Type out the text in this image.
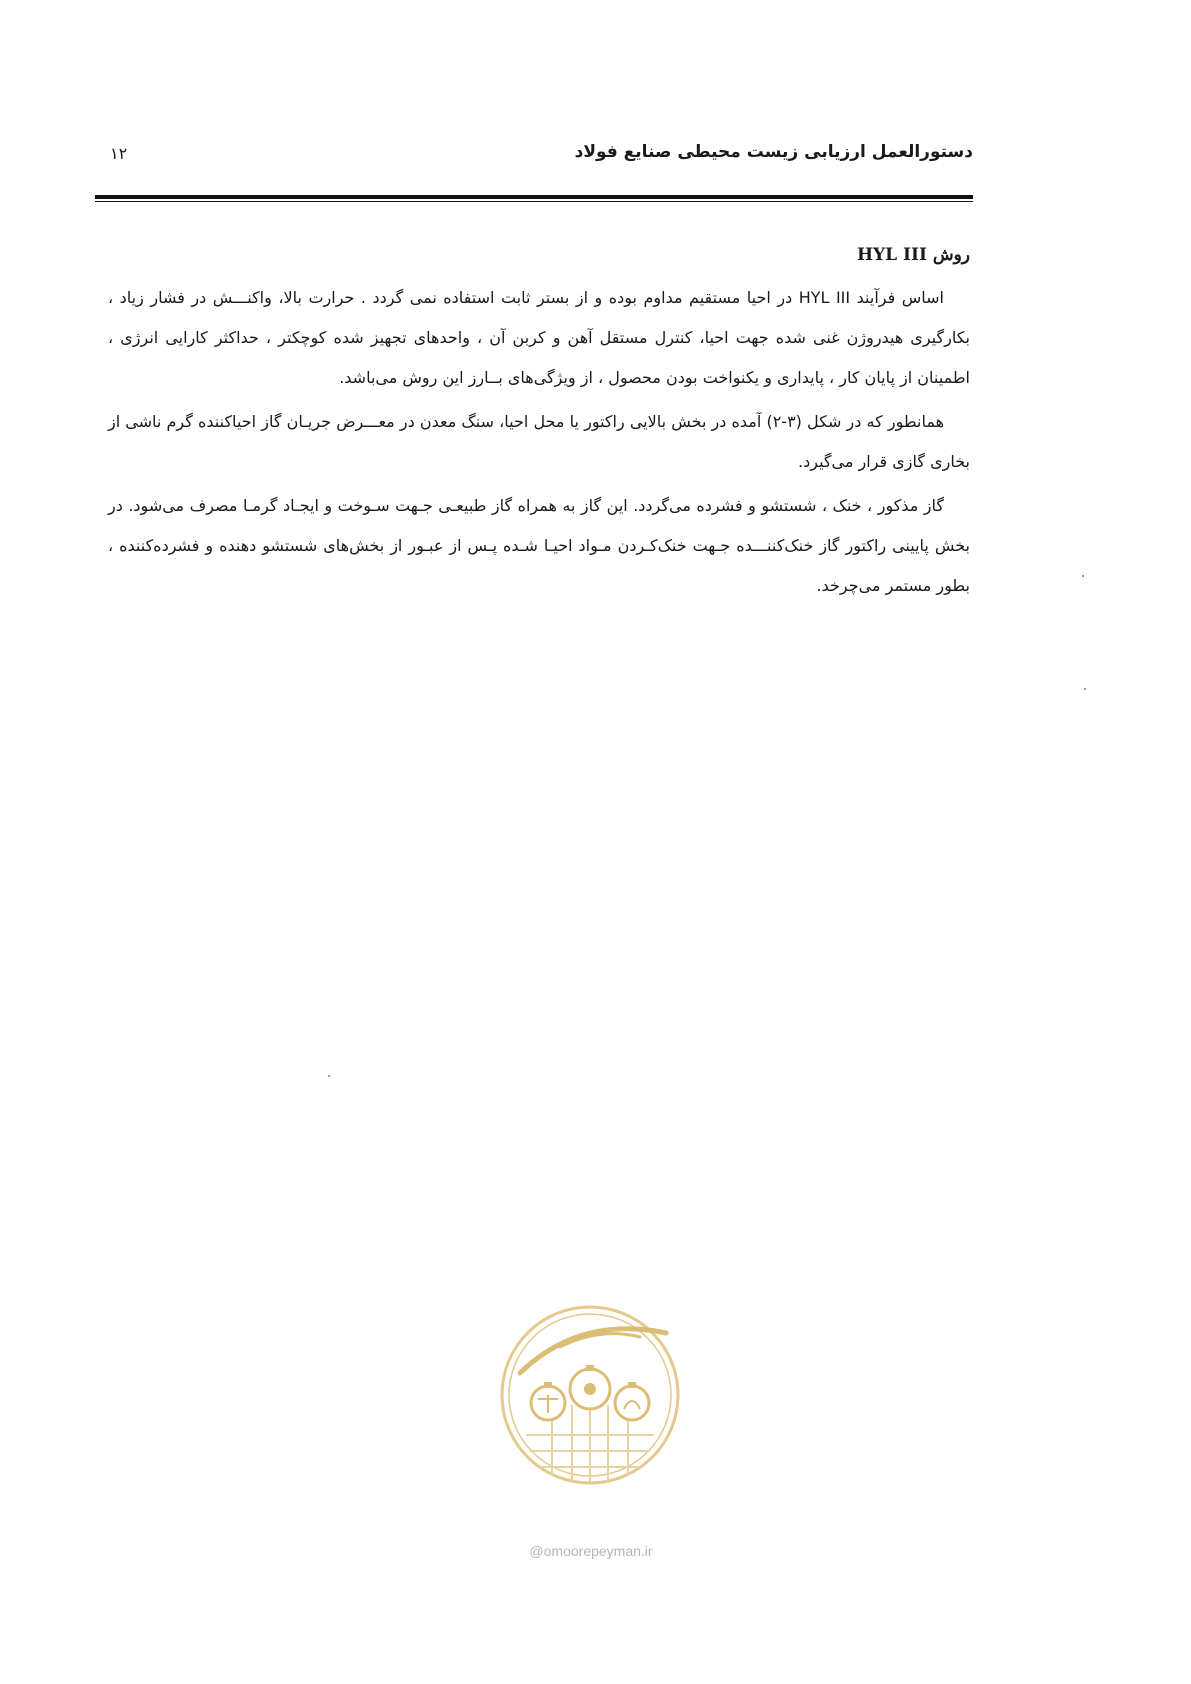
دستورالعمل ارزیابی زیست محیطی صنایع فولاد
۱۲
روش HYL III

اساس فرآیند HYL III در احیا مستقیم مداوم بوده و از بستر ثابت استفاده نمی گردد . حرارت بالا، واکنـــش در فشار زیاد ، بکارگیری هیدروژن غنی شده جهت احیا، کنترل مستقل آهن و کربن آن ، واحدهای تجهیز شده کوچکتر ، حداکثر کارایی انرژی ، اطمینان از پایان کار ، پایداری و یکنواخت بودن محصول ، از ویژگی‌های بــارز این روش می‌باشد.

همانطور که در شکل (۳-۲) آمده در بخش بالایی راکتور یا محل احیا، سنگ معدن در معـــرض جریـان گاز احیاکننده گرم ناشی از بخاری گازی قرار می‌گیرد.

گاز مذکور ، خنک ، شستشو و فشرده می‌گردد. این گاز به همراه گاز طبیعـی جـهت سـوخت و ایجـاد گرمـا مصرف می‌شود. در بخش پایینی راکتور گاز خنک‌کننـــده جـهت خنک‌کـردن مـواد احیـا شـده پـس از عبـور از بخش‌های شستشو دهنده و فشرده‌کننده ، بطور مستمر می‌چرخد.

@omoorepeyman.ir
